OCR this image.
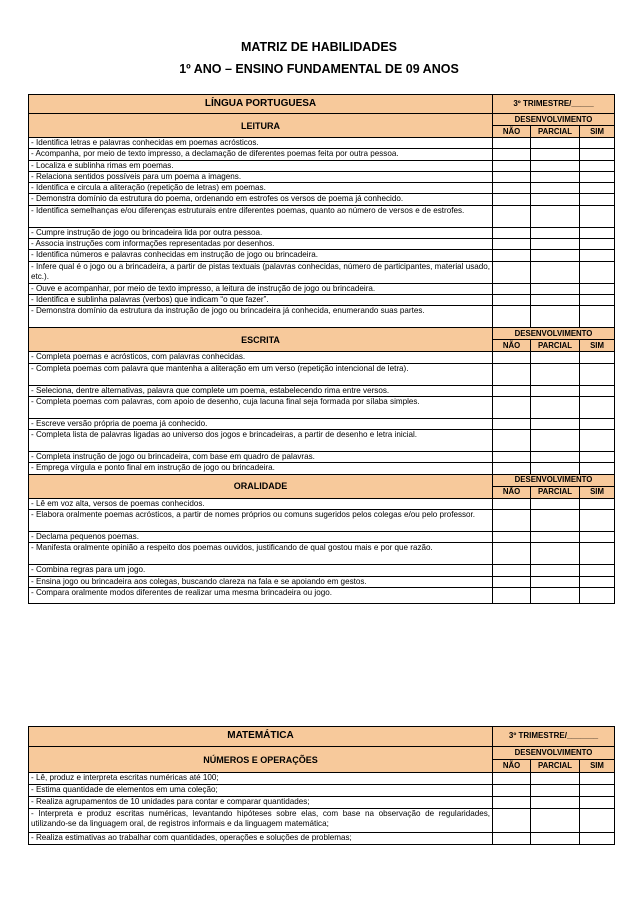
MATRIZ DE HABILIDADES
1º ANO – ENSINO FUNDAMENTAL DE 09 ANOS
LÍNGUA PORTUGUESA	3º TRIMESTRE/_____		
LEITURA	DESENVOLVIMENTO		
	NÃO	PARCIAL	SIM
- Identifica letras e palavras conhecidas em poemas acrósticos.			
- Acompanha, por meio de texto impresso, a declamação de diferentes poemas feita por outra pessoa.			
- Localiza e sublinha rimas em poemas.			
- Relaciona sentidos possíveis para um poema a imagens.			
- Identifica e circula a aliteração (repetição de letras) em poemas.			
- Demonstra domínio da estrutura do poema, ordenando em estrofes os versos de poema já conhecido.			
- Identifica semelhanças e/ou diferenças estruturais entre diferentes poemas, quanto ao número de versos e de estrofes.			
- Cumpre instrução de jogo ou brincadeira lida por outra pessoa.			
- Associa instruções com informações representadas por desenhos.			
- Identifica números e palavras conhecidas em instrução de jogo ou brincadeira.			
- Infere qual é o jogo ou a brincadeira, a partir de pistas textuais (palavras conhecidas, número de participantes, material usado, etc.).			
- Ouve e acompanhar, por meio de texto impresso, a leitura de instrução de jogo ou brincadeira.			
- Identifica e sublinha palavras (verbos) que indicam “o que fazer”.			
- Demonstra domínio da estrutura da instrução de jogo ou brincadeira já conhecida, enumerando suas partes.			
ESCRITA	DESENVOLVIMENTO		
	NÃO	PARCIAL	SIM
- Completa poemas e acrósticos, com palavras conhecidas.			
- Completa poemas com palavra que mantenha a aliteração em um verso (repetição intencional de letra).			
- Seleciona, dentre alternativas, palavra que complete um poema, estabelecendo rima entre versos.			
- Completa poemas com palavras, com apoio de desenho, cuja lacuna final seja formada por sílaba simples.			
- Escreve versão própria de poema já conhecido.			
- Completa lista de palavras ligadas ao universo dos jogos e brincadeiras, a partir de desenho e letra inicial.			
- Completa instrução de jogo ou brincadeira, com base em quadro de palavras.			
- Emprega vírgula e ponto final em instrução de jogo ou brincadeira.			
ORALIDADE	DESENVOLVIMENTO		
	NÃO	PARCIAL	SIM
- Lê em voz alta, versos de poemas conhecidos.			
- Elabora oralmente poemas acrósticos, a partir de nomes próprios ou comuns sugeridos pelos colegas e/ou pelo professor.			
- Declama pequenos poemas.			
- Manifesta oralmente opinião a respeito dos poemas ouvidos, justificando de qual gostou mais e por que razão.			
- Combina regras para um jogo.			
- Ensina jogo ou brincadeira aos colegas, buscando clareza na fala e se apoiando em gestos.			
- Compara oralmente modos diferentes de realizar uma mesma brincadeira ou jogo.			
MATEMÁTICA	3º TRIMESTRE/_______		
NÚMEROS E OPERAÇÕES	DESENVOLVIMENTO		
	NÃO	PARCIAL	SIM
- Lê, produz e interpreta escritas numéricas até 100;			
- Estima quantidade de elementos em uma coleção;			
- Realiza agrupamentos de 10 unidades para contar e comparar quantidades;			
- Interpreta e produz escritas numéricas, levantando hipóteses sobre elas, com base na observação de regularidades, utilizando-se da linguagem oral, de registros informais e da linguagem matemática;			
- Realiza estimativas ao trabalhar com quantidades, operações e soluções de problemas;			
